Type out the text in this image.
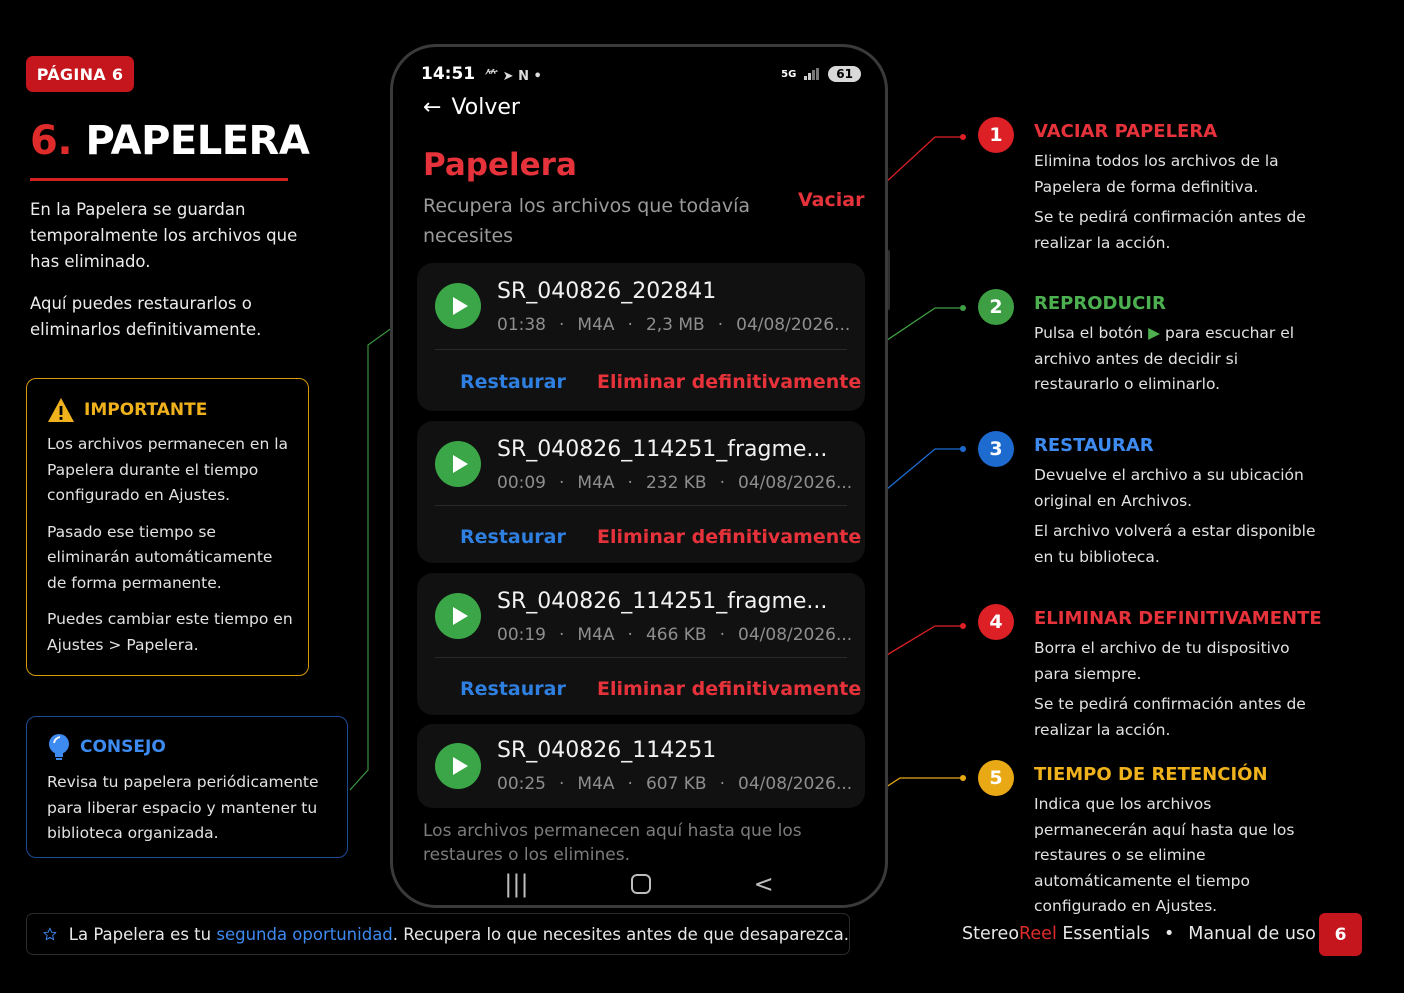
PÁGINA 6
6. PAPELERA

En la Papelera se guardan temporalmente los archivos que has eliminado.

Aquí puedes restaurarlos o eliminarlos definitivamente.

IMPORTANTE

Los archivos permanecen en la Papelera durante el tiempo configurado en Ajustes.

Pasado ese tiempo se eliminarán automáticamente de forma permanente.

Puedes cambiar este tiempo en Ajustes > Papelera.

CONSEJO

Revisa tu papelera periódicamente para liberar espacio y mantener tu biblioteca organizada.

La Papelera es tu segunda oportunidad. Recupera lo que necesites antes de que desaparezca.	StereoReel Essentials • Manual de uso	6
14:51 ⺮ ➤ N •	5G	61
← Volver
Papelera
Recupera los archivos que todavía necesites
Vaciar
SR_040826_202841
01:38 · M4A · 2,3 MB · 04/08/2026...
Restaurar Eliminar definitivamente
SR_040826_114251_fragme...
00:09 · M4A · 232 KB · 04/08/2026...
Restaurar Eliminar definitivamente
SR_040826_114251_fragme...
00:19 · M4A · 466 KB · 04/08/2026...
Restaurar Eliminar definitivamente
SR_040826_114251
00:25 · M4A · 607 KB · 04/08/2026...
Los archivos permanecen aquí hasta que los restaures o los elimines.
|||	<
1	VACIAR PAPELERA

Elimina todos los archivos de la Papelera de forma definitiva.

Se te pedirá confirmación antes de realizar la acción.

2	REPRODUCIR

Pulsa el botón ▶ para escuchar el archivo antes de decidir si restaurarlo o eliminarlo.

3	RESTAURAR

Devuelve el archivo a su ubicación original en Archivos.

El archivo volverá a estar disponible en tu biblioteca.

4	ELIMINAR DEFINITIVAMENTE

Borra el archivo de tu dispositivo para siempre.

Se te pedirá confirmación antes de realizar la acción.

5	TIEMPO DE RETENCIÓN

Indica que los archivos permanecerán aquí hasta que los restaures o se elimine automáticamente el tiempo configurado en Ajustes.
